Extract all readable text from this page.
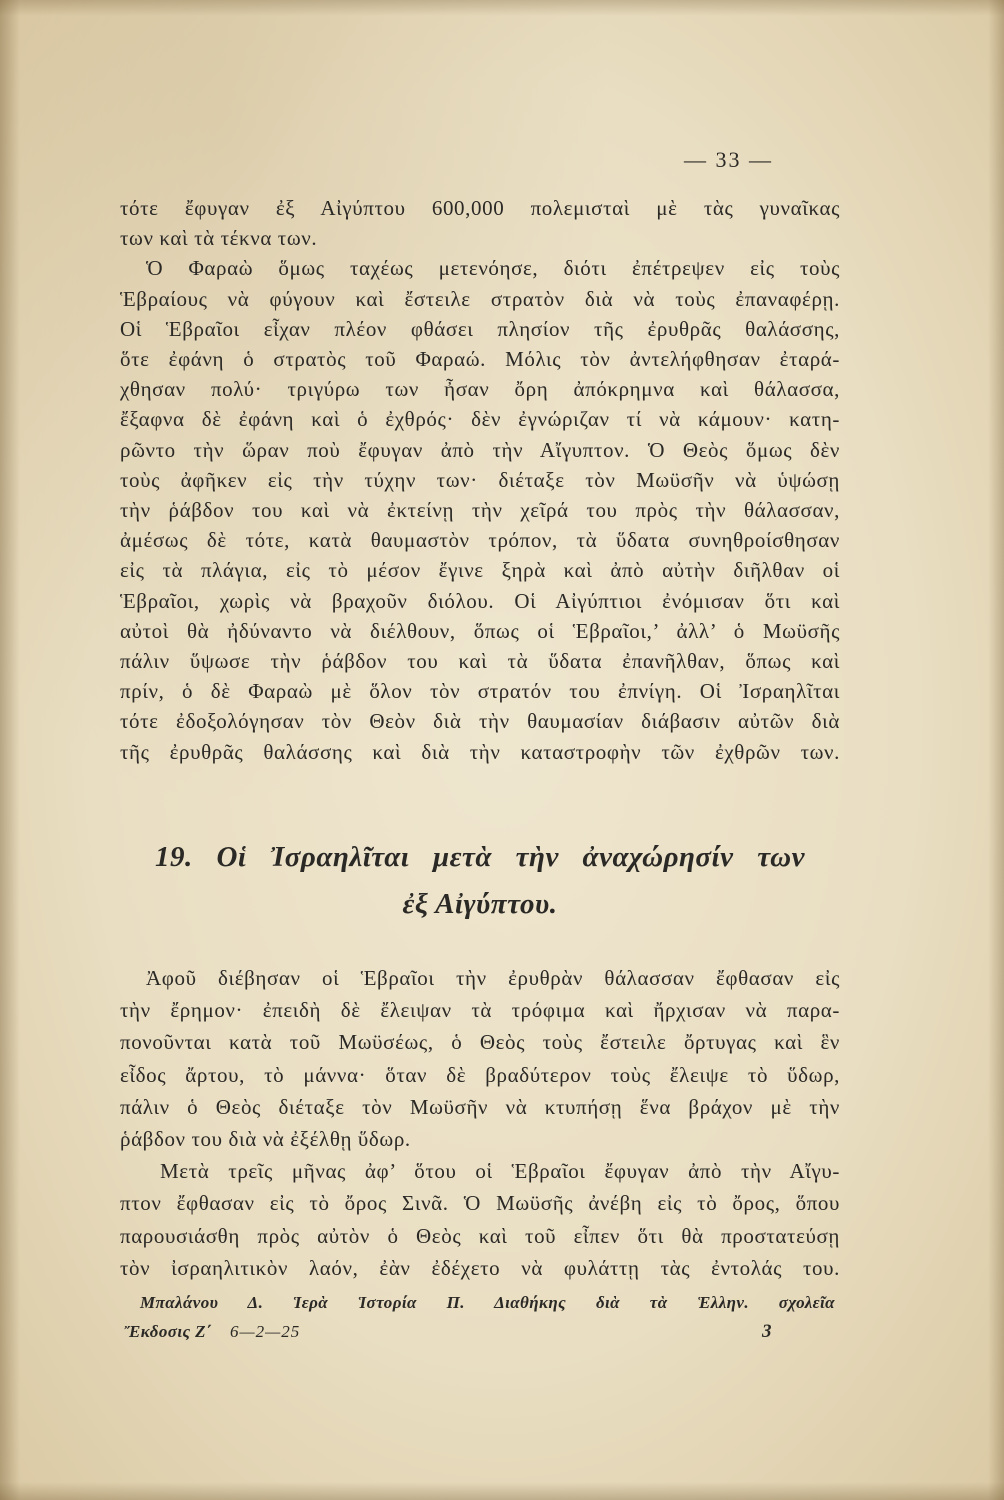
— 33 —
τότε ἔφυγαν ἐξ Αἰγύπτου 600,000 πολεμισταὶ μὲ τὰς γυναῖκας
των καὶ τὰ τέκνα των.
Ὁ Φαραὼ ὅμως ταχέως μετενόησε, διότι ἐπέτρεψεν εἰς τοὺς
Ἑβραίους νὰ φύγουν καὶ ἔστειλε στρατὸν διὰ νὰ τοὺς ἐπαναφέρῃ.
Οἱ Ἑβραῖοι εἶχαν πλέον φθάσει πλησίον τῆς ἐρυθρᾶς θαλάσσης,
ὅτε ἐφάνη ὁ στρατὸς τοῦ Φαραώ. Μόλις τὸν ἀντελήφθησαν ἐταρά-
χθησαν πολύ· τριγύρω των ἦσαν ὄρη ἀπόκρημνα καὶ θάλασσα,
ἔξαφνα δὲ ἐφάνη καὶ ὁ ἐχθρός· δὲν ἐγνώριζαν τί νὰ κάμουν· κατη-
ρῶντο τὴν ὥραν ποὺ ἔφυγαν ἀπὸ τὴν Αἴγυπτον. Ὁ Θεὸς ὅμως δὲν
τοὺς ἀφῆκεν εἰς τὴν τύχην των· διέταξε τὸν Μωϋσῆν νὰ ὑψώσῃ
τὴν ῥάβδον του καὶ νὰ ἐκτείνῃ τὴν χεῖρά του πρὸς τὴν θάλασσαν,
ἀμέσως δὲ τότε, κατὰ θαυμαστὸν τρόπον, τὰ ὕδατα συνηθροίσθησαν
εἰς τὰ πλάγια, εἰς τὸ μέσον ἔγινε ξηρὰ καὶ ἀπὸ αὐτὴν διῆλθαν οἱ
Ἑβραῖοι, χωρὶς νὰ βραχοῦν διόλου. Οἱ Αἰγύπτιοι ἐνόμισαν ὅτι καὶ
αὐτοὶ θὰ ἠδύναντο νὰ διέλθουν, ὅπως οἱ Ἑβραῖοι,’ ἀλλ’ ὁ Μωϋσῆς
πάλιν ὕψωσε τὴν ῥάβδον του καὶ τὰ ὕδατα ἐπανῆλθαν, ὅπως καὶ
πρίν, ὁ δὲ Φαραὼ μὲ ὅλον τὸν στρατόν του ἐπνίγη. Οἱ Ἰσραηλῖται
τότε ἐδοξολόγησαν τὸν Θεὸν διὰ τὴν θαυμασίαν διάβασιν αὐτῶν διὰ
τῆς ἐρυθρᾶς θαλάσσης καὶ διὰ τὴν καταστροφὴν τῶν ἐχθρῶν των.
19. Οἱ Ἰσραηλῖται μετὰ τὴν ἀναχώρησίν των
ἐξ Αἰγύπτου.
Ἀφοῦ διέβησαν οἱ Ἑβραῖοι τὴν ἐρυθρὰν θάλασσαν ἔφθασαν εἰς
τὴν ἔρημον· ἐπειδὴ δὲ ἔλειψαν τὰ τρόφιμα καὶ ἤρχισαν νὰ παρα-
πονοῦνται κατὰ τοῦ Μωϋσέως, ὁ Θεὸς τοὺς ἔστειλε ὄρτυγας καὶ ἓν
εἶδος ἄρτου, τὸ μάννα· ὅταν δὲ βραδύτερον τοὺς ἔλειψε τὸ ὕδωρ,
πάλιν ὁ Θεὸς διέταξε τὸν Μωϋσῆν νὰ κτυπήσῃ ἕνα βράχον μὲ τὴν
ῥάβδον του διὰ νὰ ἐξέλθῃ ὕδωρ.
Μετὰ τρεῖς μῆνας ἀφ’ ὅτου οἱ Ἑβραῖοι ἔφυγαν ἀπὸ τὴν Αἴγυ-
πτον ἔφθασαν εἰς τὸ ὄρος Σινᾶ. Ὁ Μωϋσῆς ἀνέβη εἰς τὸ ὄρος, ὅπου
παρουσιάσθη πρὸς αὐτὸν ὁ Θεὸς καὶ τοῦ εἶπεν ὅτι θὰ προστατεύσῃ
τὸν ἰσραηλιτικὸν λαόν, ἐὰν ἐδέχετο νὰ φυλάττῃ τὰς ἐντολάς του.
Μπαλάνου Δ. Ἱερὰ Ἱστορία Π. Διαθήκης διὰ τὰ Ἑλλην. σχολεῖα
Ἔκδοσις Ζ΄ 6—2—25	3
